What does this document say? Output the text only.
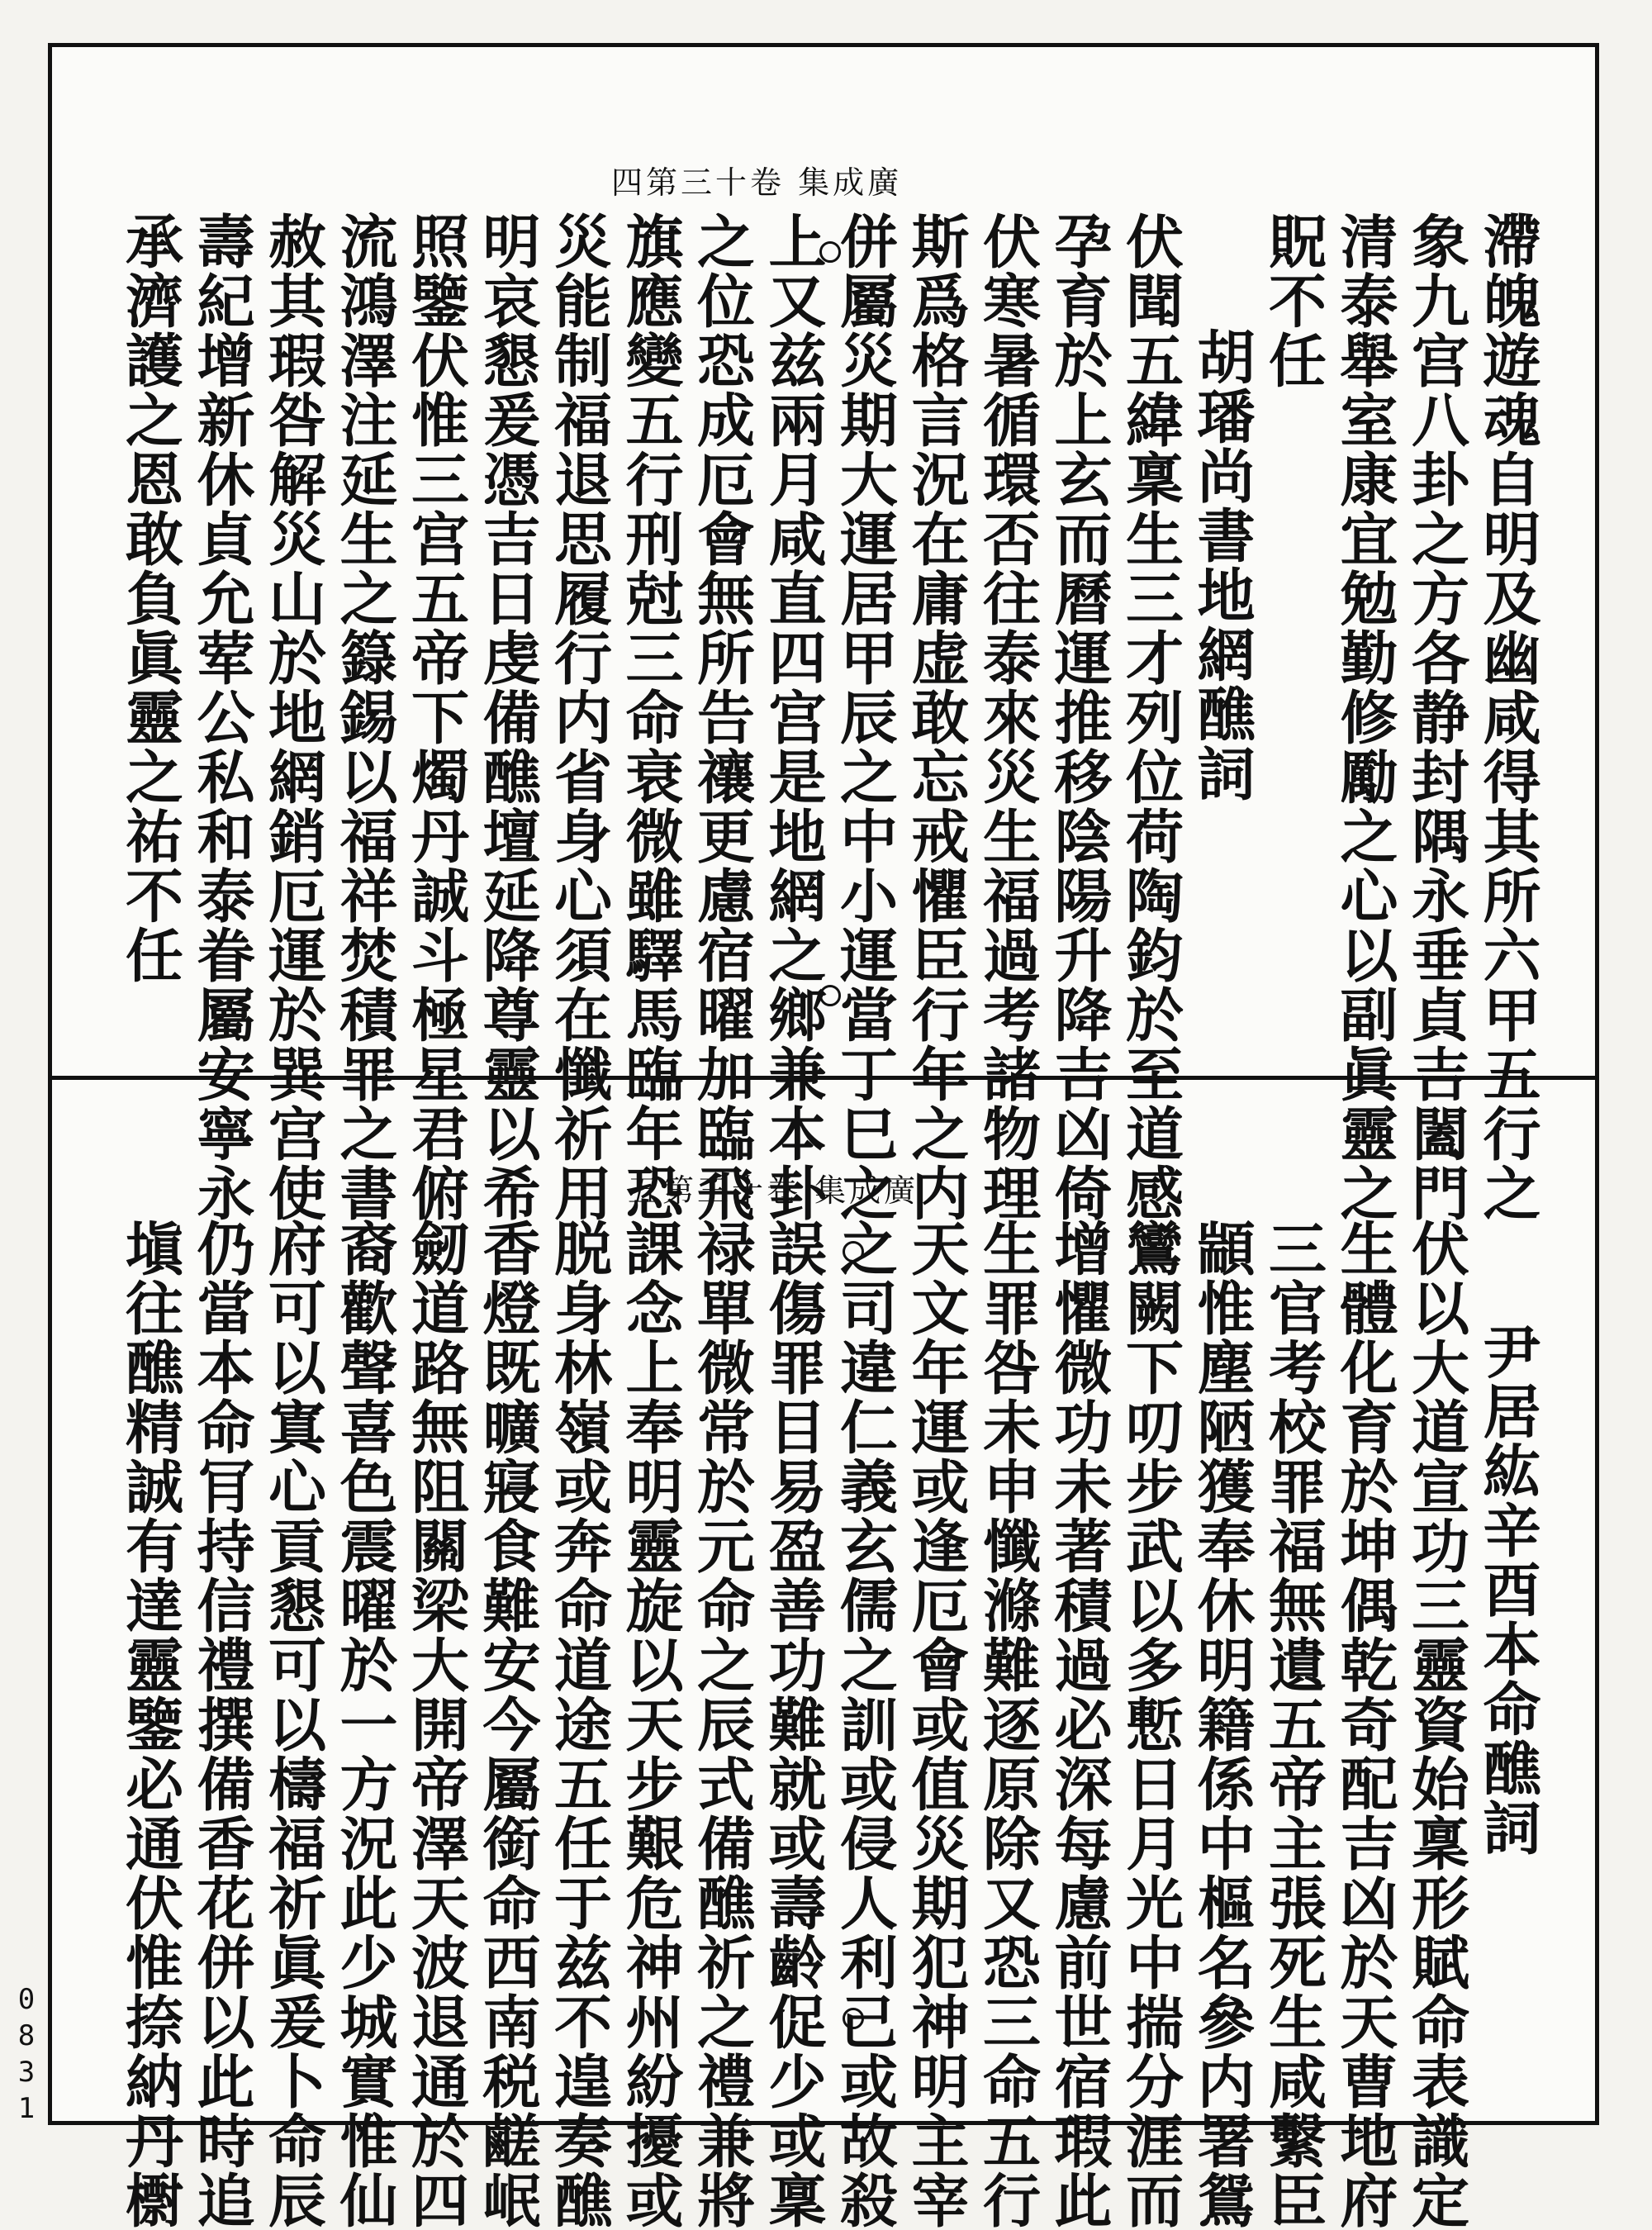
廣成集 卷十三第四
廣成集 卷十三第五	滯魄遊魂自明及幽咸得其所六甲五行之
象九宫八卦之方各静封隅永垂貞吉闔門
清泰舉室康宜勉勤修勵之心以副眞靈之
貺不任
胡璠尚書地網醮詞
伏聞五緯稟生三才列位荷陶鈞於至道感
孕育於上玄而曆運推移陰陽升降吉凶倚
伏寒暑循環否往泰來災生福過考諸物理
斯爲格言況在庸虚敢忘戒懼臣行年之内
併屬災期大運居甲辰之中小運當丁巳之
上又兹兩月咸直四宫是地網之鄉兼本卦
之位恐成厄會無所告禳更慮宿曜加臨飛
旗應變五行刑尅三命衰微雖驛馬臨年恐
災能制福退思履行内省身心須在懺祈用
明哀懇爰憑吉日虔備醮壇延降尊靈以希
照鑒伏惟三宫五帝下燭丹誠斗極星君俯
流鴻澤注延生之籙錫以福祥焚積罪之書
赦其瑕咎解災山於地網銷厄運於巽宫使
壽紀增新休貞允荤公私和泰眷屬安寧永
承濟護之恩敢負眞靈之祐不任
尹居紘辛酉本命醮詞
伏以大道宣功三靈資始稟形賦命表識定
生體化育於坤偶乾奇配吉凶於天曹地府
三官考校罪福無遺五帝主張死生咸繫臣
顓惟塵陋獲奉休明籍係中樞名參内署鴛
鸞闕下叨步武以多慙日月光中揣分涯而
增懼微功未著積過必深每慮前世宿瑕此
生罪咎未申懺滌難逐原除又恐三命五行
天文年運或逢厄會或值災期犯神明主宰
之司違仁義玄儒之訓或侵人利己或故殺
誤傷罪目易盈善功難就或壽齡促少或稟
禄單微常於元命之辰式備醮祈之禮兼將
課念上奉明靈旋以天步艱危神州紛擾或
脱身林嶺或奔命道途五任于兹不遑奏醮
香燈既曠寢食難安今屬銜命西南税鹺岷
劒道路無阻關梁大開帝澤天波退通於四
裔歡聲喜色震曜於一方況此少城實惟仙
府可以寘心貢懇可以檮福祈眞爰卜命辰
仍當本命肎持信禮撰備香花併以此時追
塡往醮精誠有達靈鑒必通伏惟捺納丹㯹
0831
